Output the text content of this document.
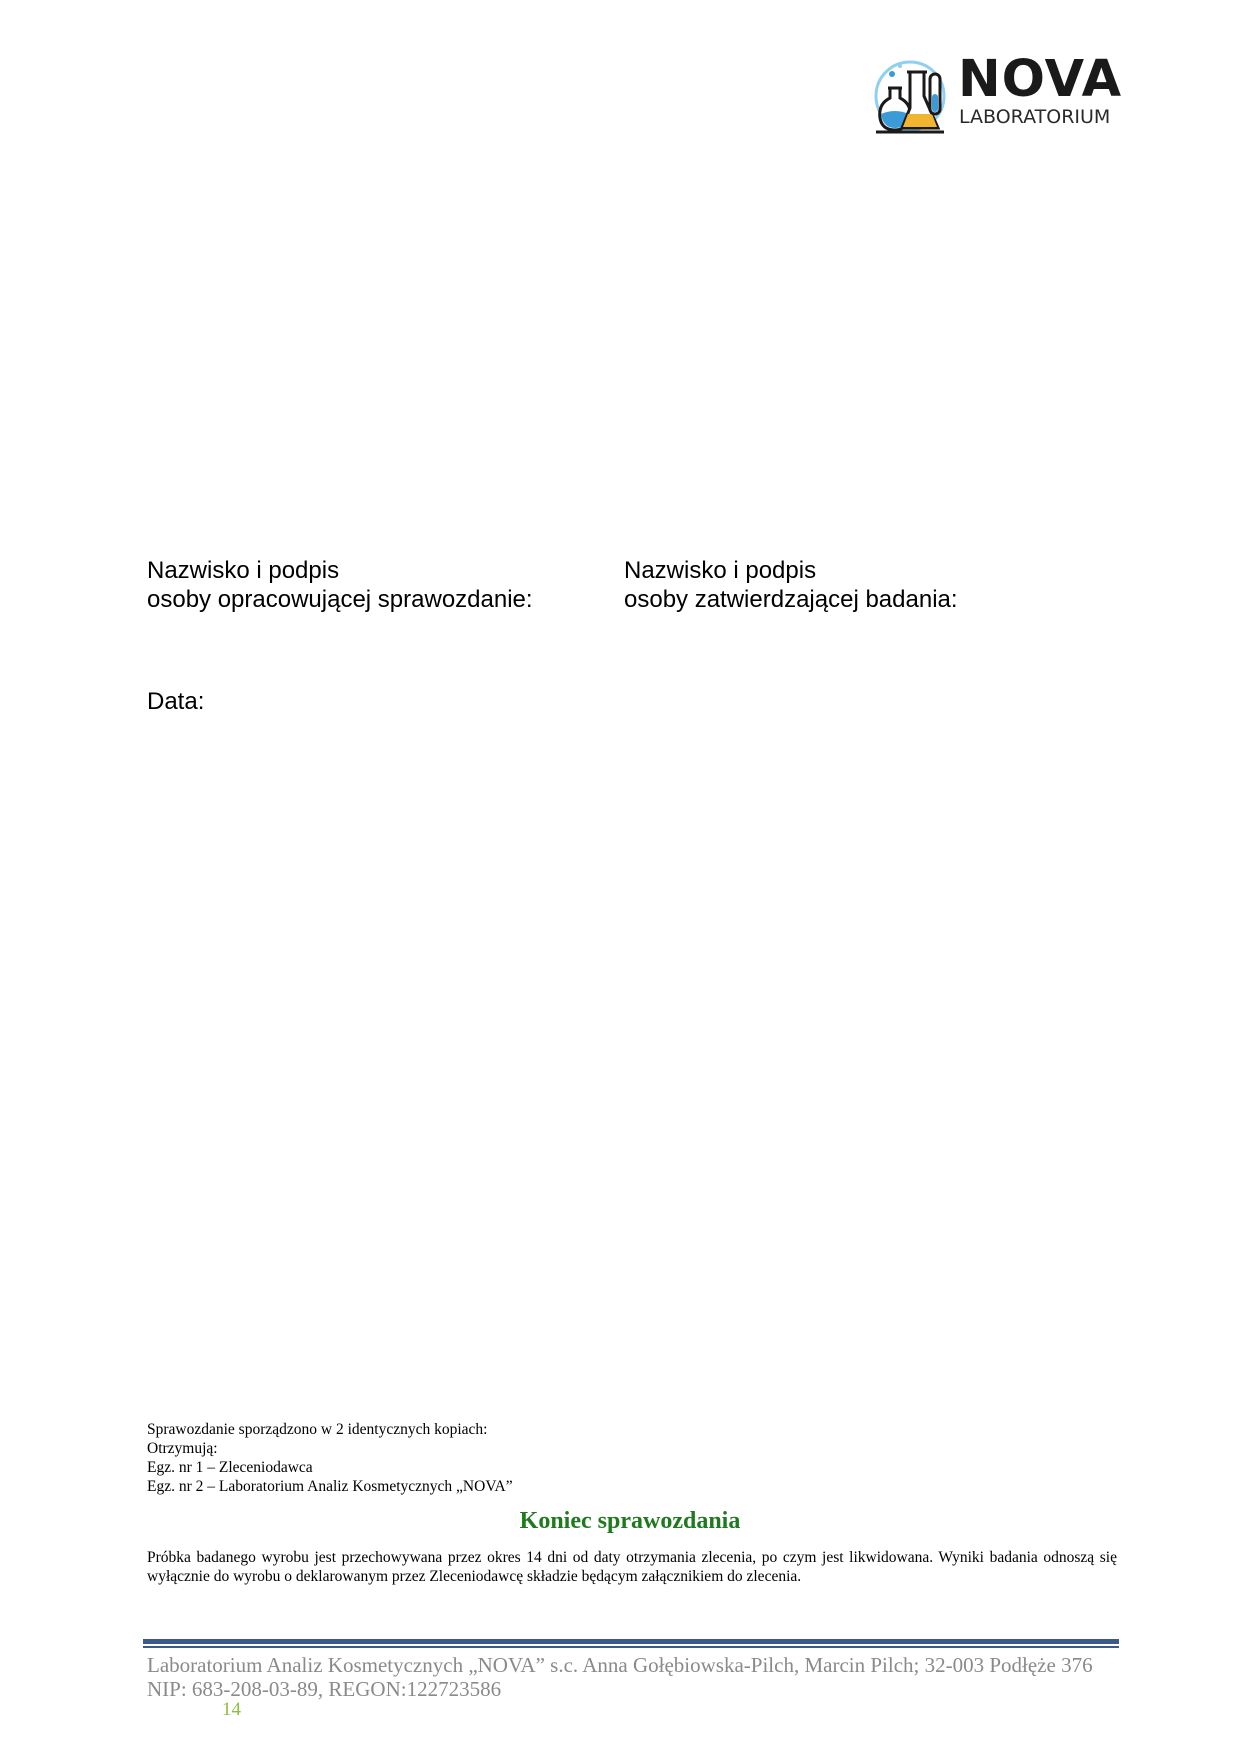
NOVA
LABORATORIUM
Nazwisko i podpis
osoby opracowującej sprawozdanie:
Nazwisko i podpis
osoby zatwierdzającej badania:
Data:
Sprawozdanie sporządzono w 2 identycznych kopiach:
Otrzymują:
Egz. nr 1 – Zleceniodawca
Egz. nr 2 – Laboratorium Analiz Kosmetycznych „NOVA”
Koniec sprawozdania
Próbka badanego wyrobu jest przechowywana przez okres 14 dni od daty otrzymania zlecenia, po czym jest likwidowana. Wyniki badania odnoszą się wyłącznie do wyrobu o deklarowanym przez Zleceniodawcę składzie będącym załącznikiem do zlecenia.
Laboratorium Analiz Kosmetycznych „NOVA” s.c. Anna Gołębiowska-Pilch, Marcin Pilch; 32-003 Podłęże 376
NIP: 683-208-03-89, REGON:122723586
14
